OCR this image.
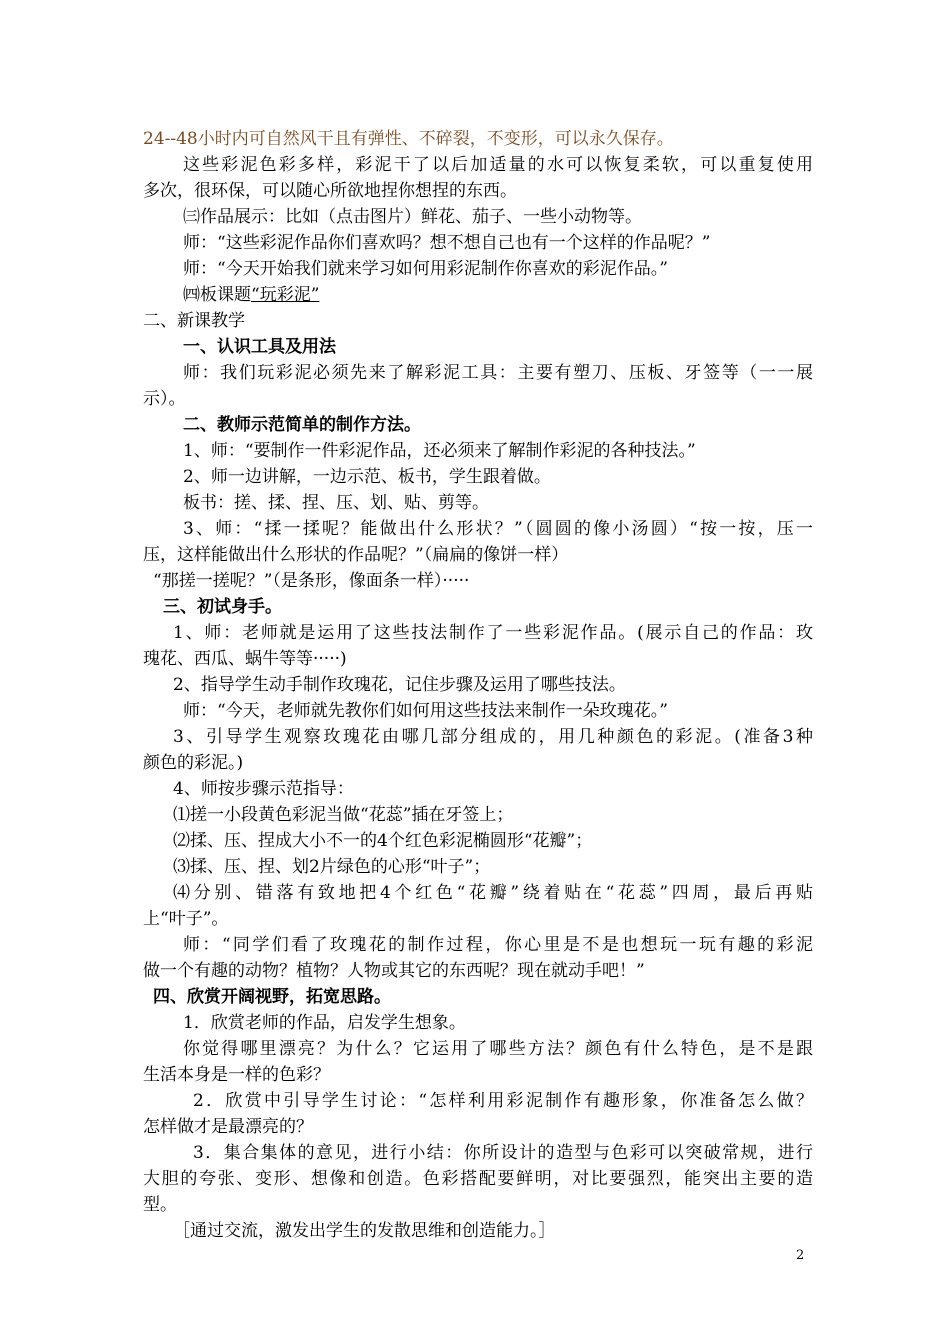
24--48小时内可自然风干且有弹性、不碎裂，不变形，可以永久保存。
这些彩泥色彩多样，彩泥干了以后加适量的水可以恢复柔软，可以重复使用
多次，很环保，可以随心所欲地捏你想捏的东西。
㈢作品展示：比如（点击图片）鲜花、茄子、一些小动物等。
师：“这些彩泥作品你们喜欢吗？想不想自己也有一个这样的作品呢？”
师：“今天开始我们就来学习如何用彩泥制作你喜欢的彩泥作品。”
㈣板课题“玩彩泥”
二、新课教学
一、认识工具及用法
师：我们玩彩泥必须先来了解彩泥工具：主要有塑刀、压板、牙签等（一一展
示）。
二、教师示范简单的制作方法。
1、师：“要制作一件彩泥作品，还必须来了解制作彩泥的各种技法。”
2、师一边讲解，一边示范、板书，学生跟着做。
板书：搓、揉、捏、压、划、贴、剪等。
3、师：“揉一揉呢？能做出什么形状？”（圆圆的像小汤圆）“按一按，压一
压，这样能做出什么形状的作品呢？”（扁扁的像饼一样）
“那搓一搓呢？”（是条形，像面条一样）·····
三、初试身手。
1、师：老师就是运用了这些技法制作了一些彩泥作品。(展示自己的作品：玫
瑰花、西瓜、蜗牛等等·····)
2、指导学生动手制作玫瑰花，记住步骤及运用了哪些技法。
师：“今天，老师就先教你们如何用这些技法来制作一朵玫瑰花。”
3、引导学生观察玫瑰花由哪几部分组成的，用几种颜色的彩泥。(准备3种
颜色的彩泥。)
4、师按步骤示范指导：
⑴搓一小段黄色彩泥当做“花蕊”插在牙签上；
⑵揉、压、捏成大小不一的4个红色彩泥椭圆形“花瓣”；
⑶揉、压、捏、划2片绿色的心形“叶子”；
⑷分别、错落有致地把4个红色“花瓣”绕着贴在“花蕊”四周，最后再贴
上“叶子”。
师：“同学们看了玫瑰花的制作过程，你心里是不是也想玩一玩有趣的彩泥
做一个有趣的动物？植物？人物或其它的东西呢？现在就动手吧！”
四、欣赏开阔视野，拓宽思路。
1．欣赏老师的作品，启发学生想象。
你觉得哪里漂亮？为什么？它运用了哪些方法？颜色有什么特色，是不是跟
生活本身是一样的色彩？
2．欣赏中引导学生讨论：“怎样利用彩泥制作有趣形象，你准备怎么做？
怎样做才是最漂亮的？
3．集合集体的意见，进行小结：你所设计的造型与色彩可以突破常规，进行
大胆的夸张、变形、想像和创造。色彩搭配要鲜明，对比要强烈，能突出主要的造
型。
［通过交流，激发出学生的发散思维和创造能力。］
2
